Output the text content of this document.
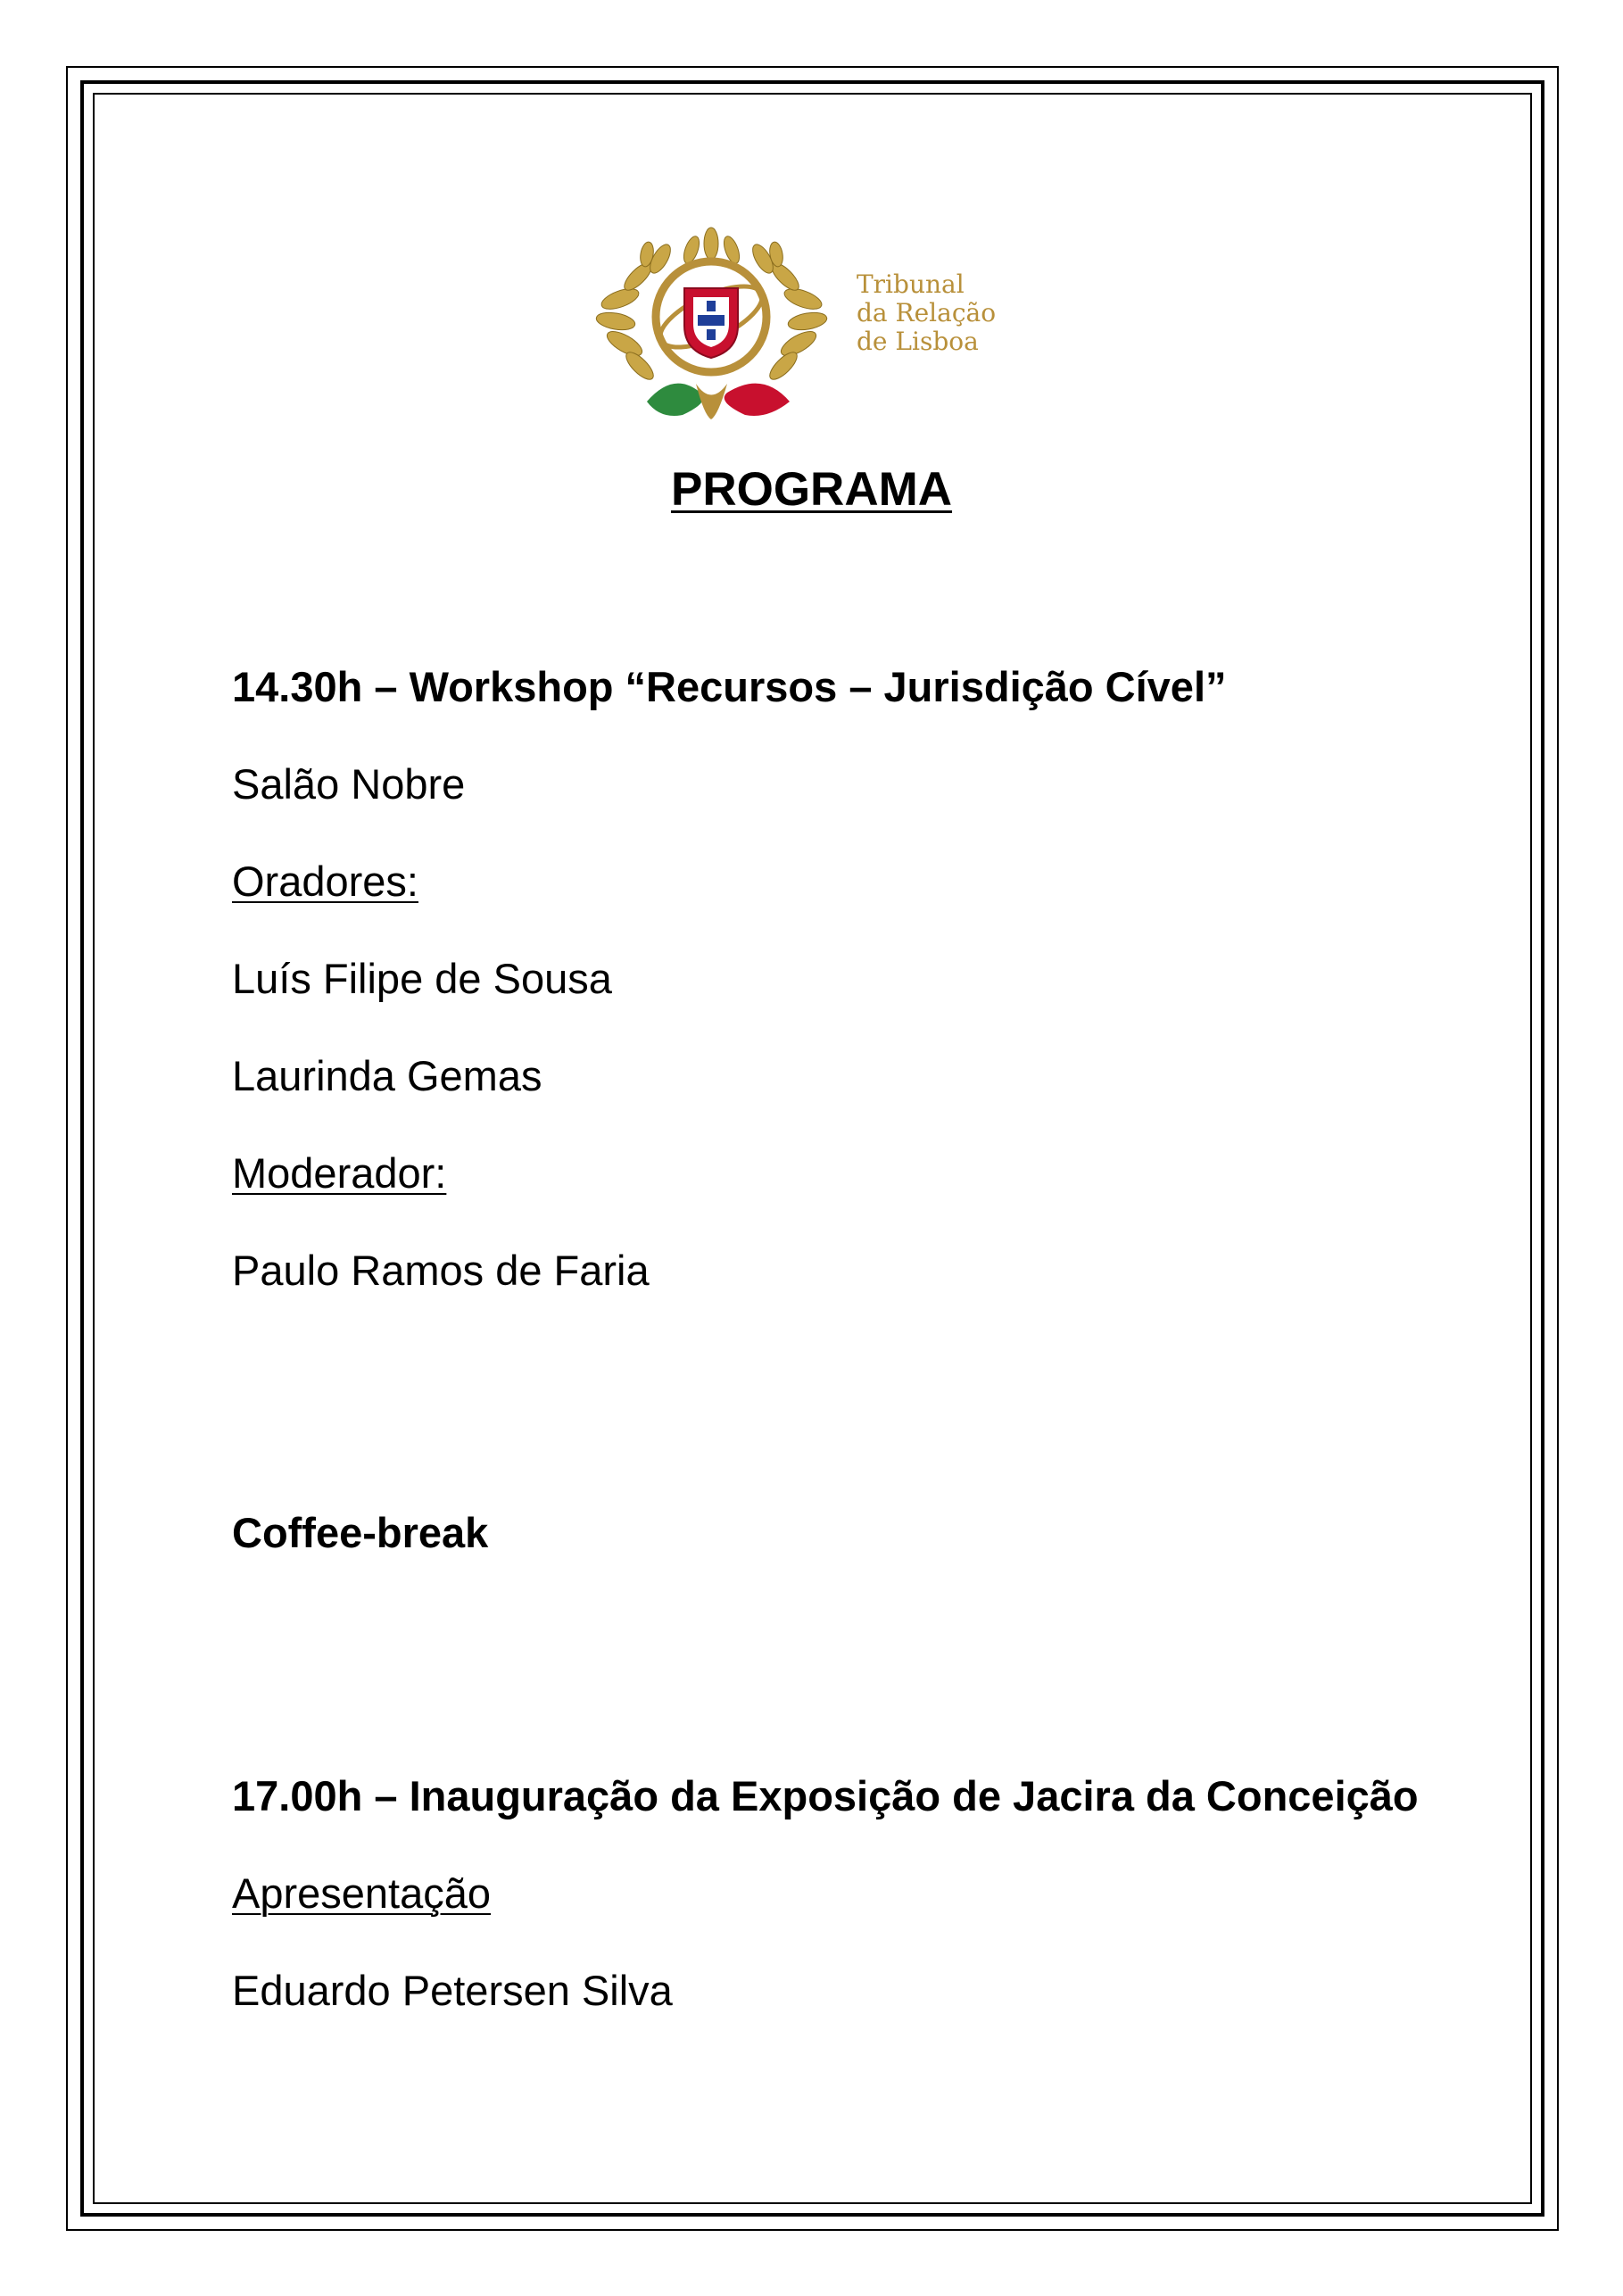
Tribunal
da Relação
de Lisboa
PROGRAMA
14.30h – Workshop “Recursos – Jurisdição Cível”
Salão Nobre
Oradores:
Luís Filipe de Sousa
Laurinda Gemas
Moderador:
Paulo Ramos de Faria
Coffee-break
17.00h – Inauguração da Exposição de Jacira da Conceição
Apresentação
Eduardo Petersen Silva
